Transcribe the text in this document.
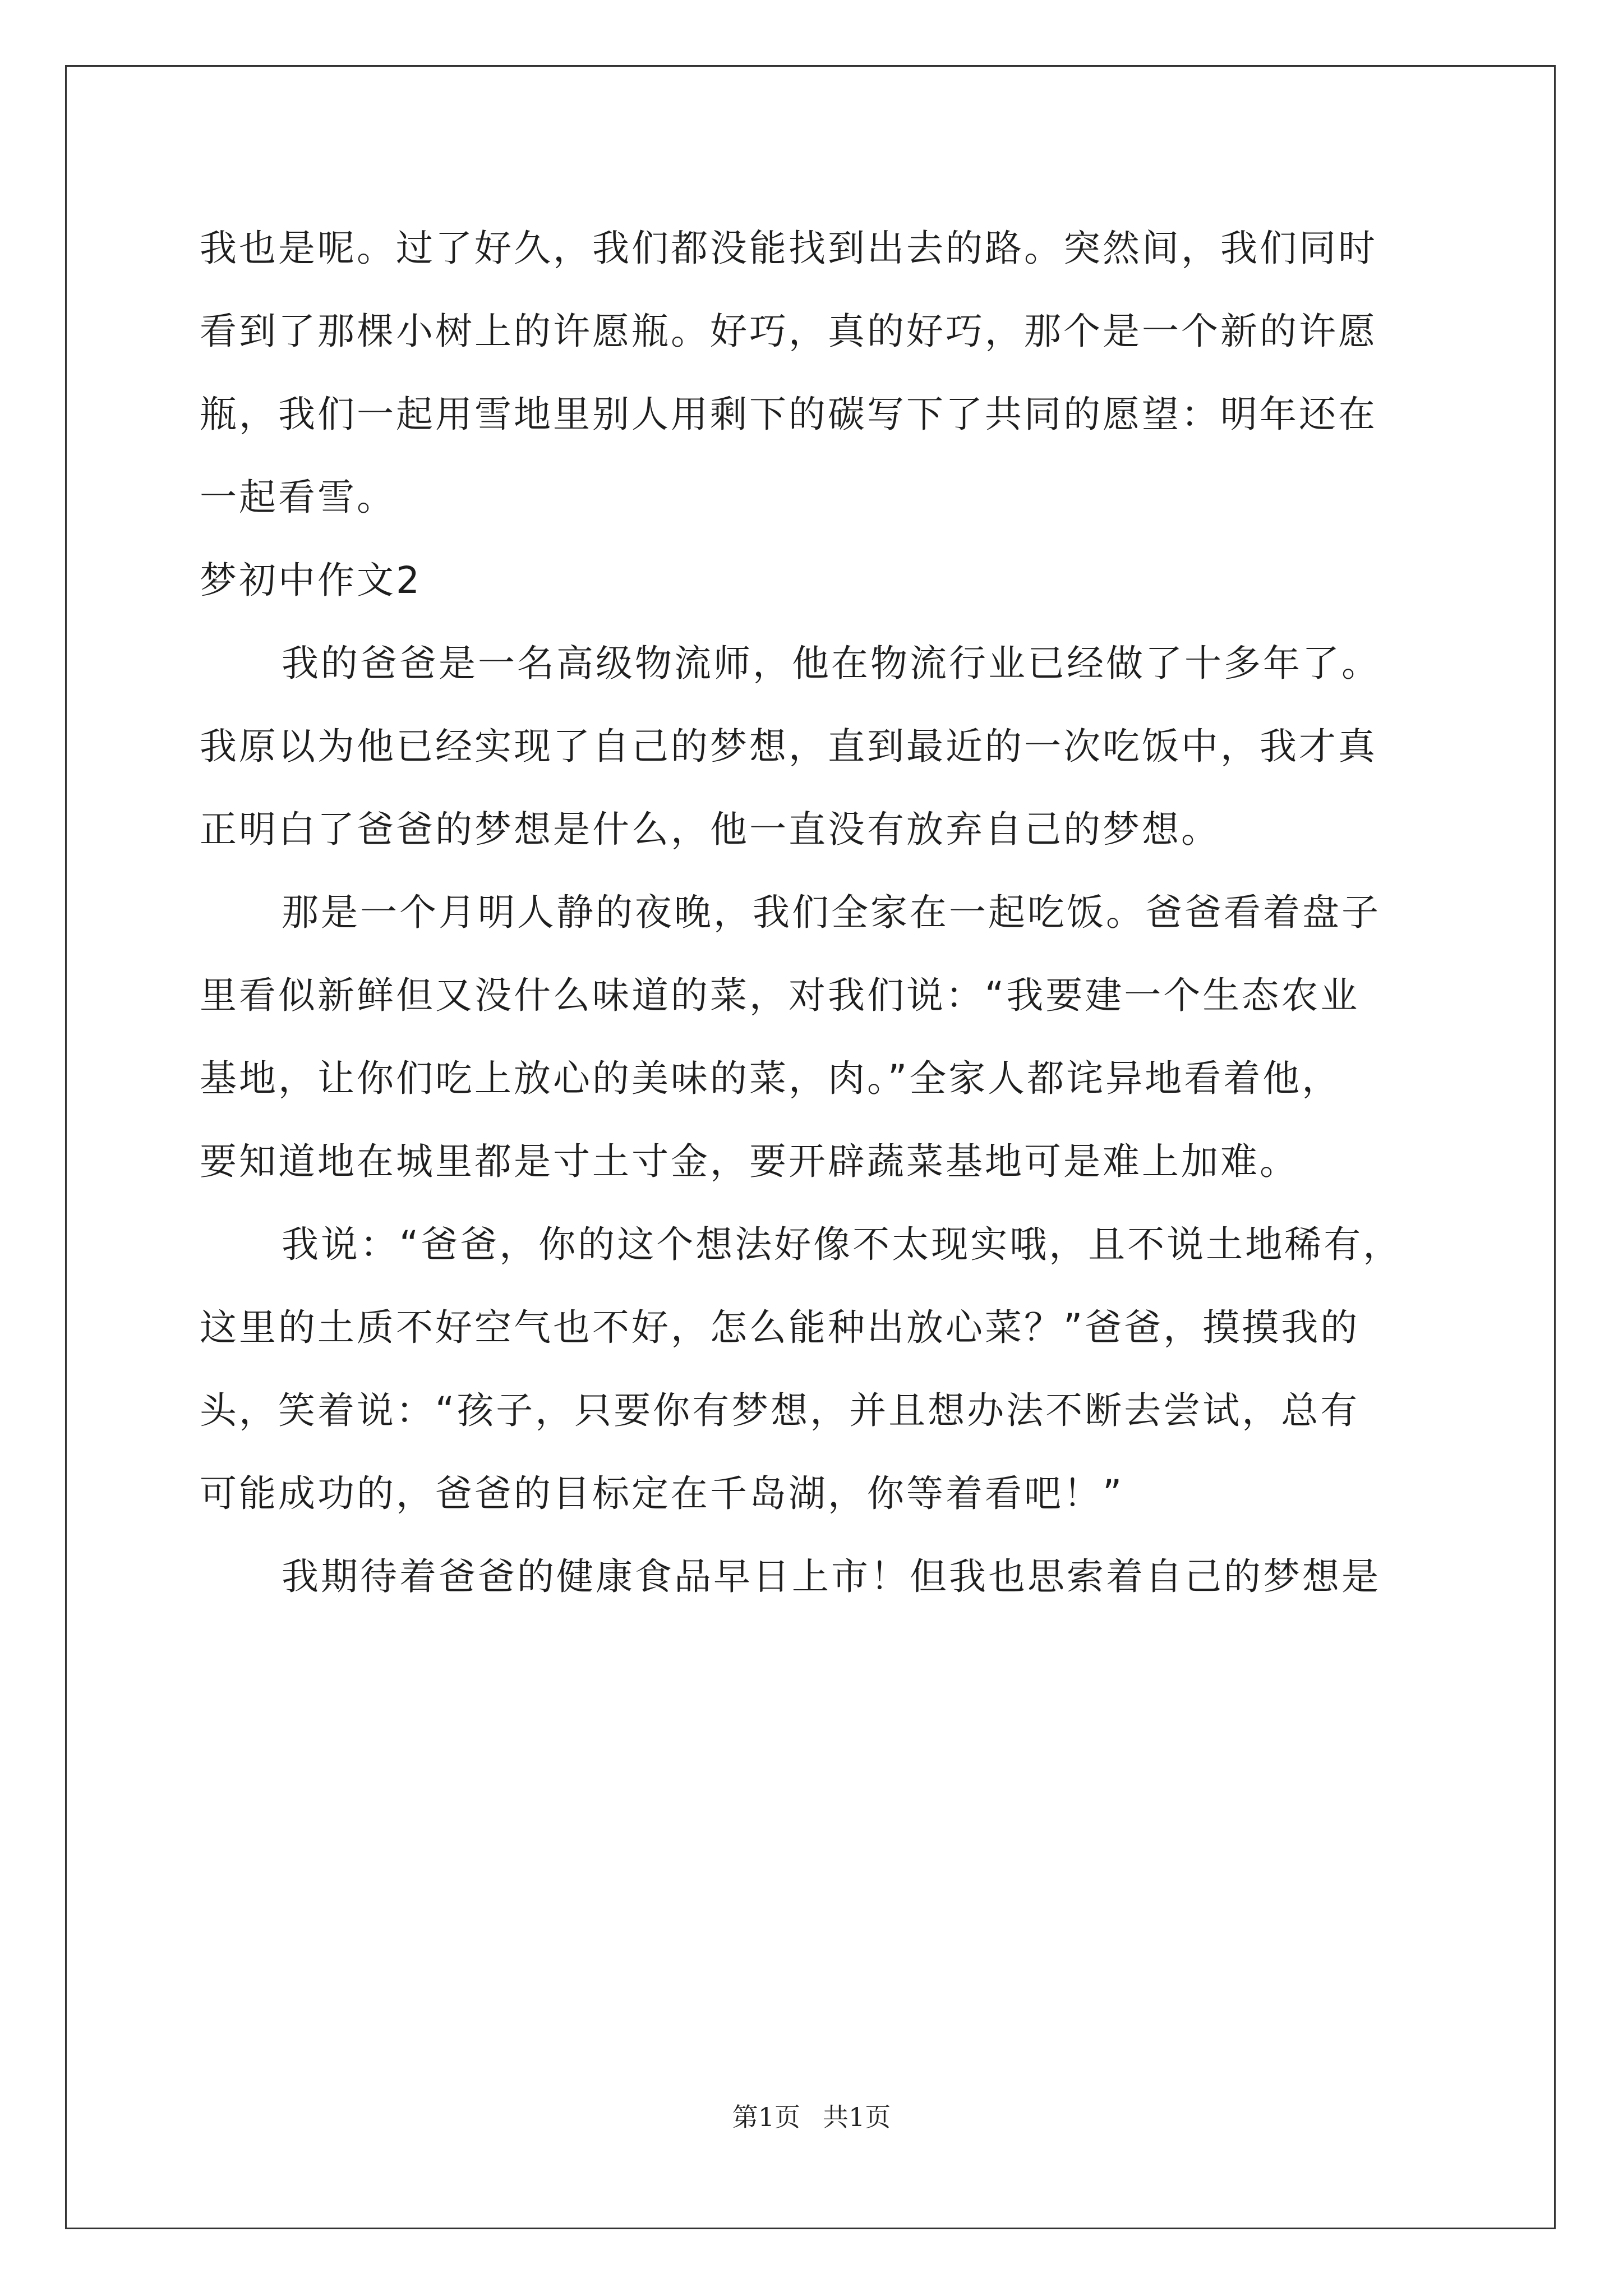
我也是呢。过了好久，我们都没能找到出去的路。突然间，我们同时
看到了那棵小树上的许愿瓶。好巧，真的好巧，那个是一个新的许愿
瓶，我们一起用雪地里别人用剩下的碳写下了共同的愿望：明年还在
一起看雪。
梦初中作文2
我的爸爸是一名高级物流师，他在物流行业已经做了十多年了。
我原以为他已经实现了自己的梦想，直到最近的一次吃饭中，我才真
正明白了爸爸的梦想是什么，他一直没有放弃自己的梦想。
那是一个月明人静的夜晚，我们全家在一起吃饭。爸爸看着盘子
里看似新鲜但又没什么味道的菜，对我们说：“我要建一个生态农业
基地，让你们吃上放心的美味的菜，肉。”全家人都诧异地看着他，
要知道地在城里都是寸土寸金，要开辟蔬菜基地可是难上加难。
我说：“爸爸，你的这个想法好像不太现实哦，且不说土地稀有，
这里的土质不好空气也不好，怎么能种出放心菜？”爸爸，摸摸我的
头，笑着说：“孩子，只要你有梦想，并且想办法不断去尝试，总有
可能成功的，爸爸的目标定在千岛湖，你等着看吧！”
我期待着爸爸的健康食品早日上市！但我也思索着自己的梦想是
第1页 共1页
